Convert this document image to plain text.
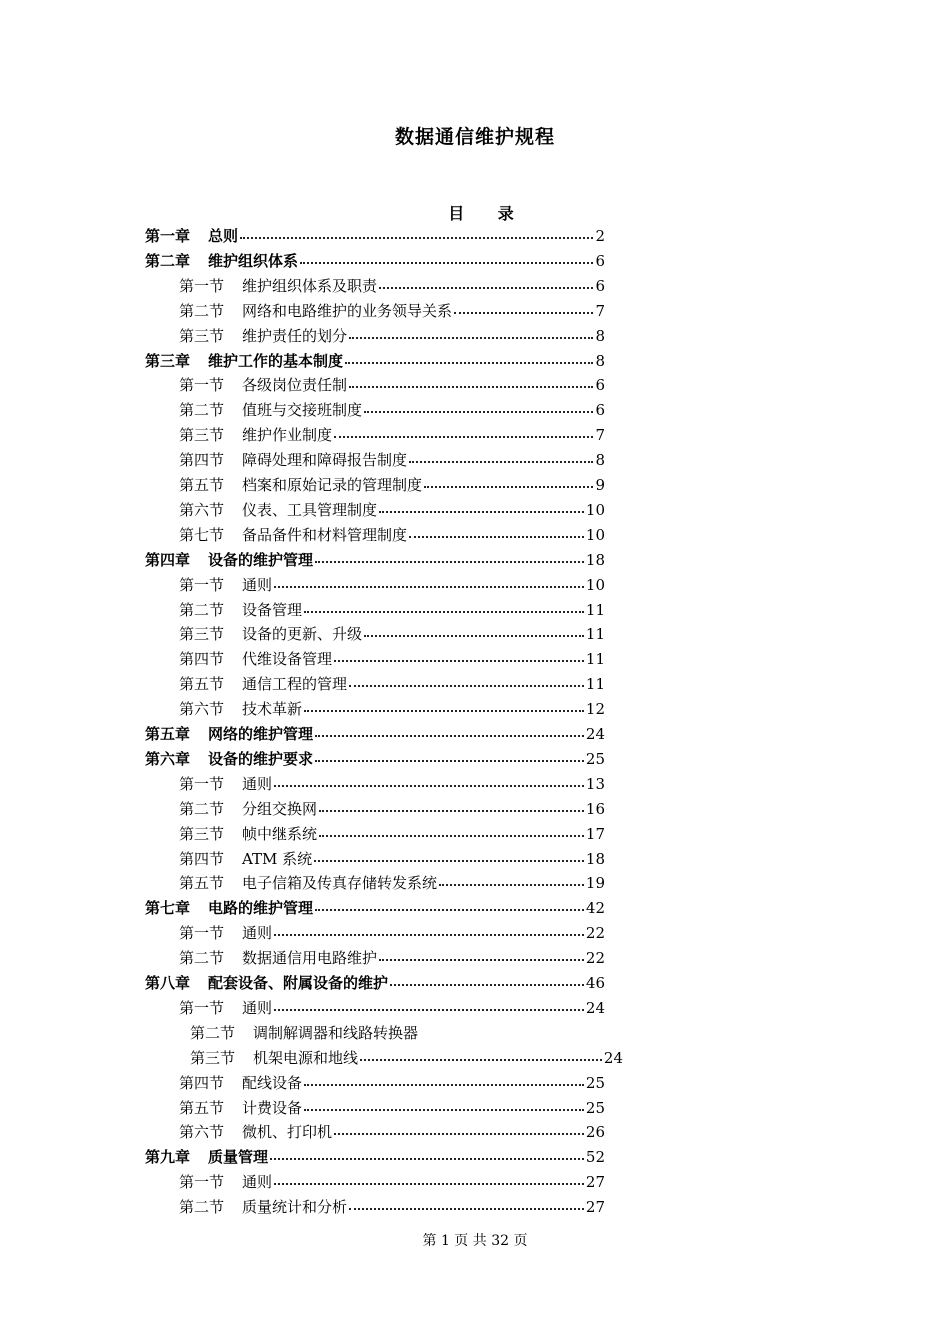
数据通信维护规程
目 录
第一章 总则	2
第二章 维护组织体系	6
第一节 维护组织体系及职责	6
第二节 网络和电路维护的业务领导关系	7
第三节 维护责任的划分	8
第三章 维护工作的基本制度	8
第一节 各级岗位责任制	6
第二节 值班与交接班制度	6
第三节 维护作业制度	7
第四节 障碍处理和障碍报告制度	8
第五节 档案和原始记录的管理制度	9
第六节 仪表、工具管理制度	10
第七节 备品备件和材料管理制度	10
第四章 设备的维护管理	18
第一节 通则	10
第二节 设备管理	11
第三节 设备的更新、升级	11
第四节 代维设备管理	11
第五节 通信工程的管理	11
第六节 技术革新	12
第五章 网络的维护管理	24
第六章 设备的维护要求	25
第一节 通则	13
第二节 分组交换网	16
第三节 帧中继系统	17
第四节 ATM 系统	18
第五节 电子信箱及传真存储转发系统	19
第七章 电路的维护管理	42
第一节 通则	22
第二节 数据通信用电路维护	22
第八章 配套设备、附属设备的维护	46
第一节 通则	24
第二节 调制解调器和线路转换器
第三节 机架电源和地线	24
第四节 配线设备	25
第五节 计费设备	25
第六节 微机、打印机	26
第九章 质量管理	52
第一节 通则	27
第二节 质量统计和分析	27
第 1 页 共 32 页
